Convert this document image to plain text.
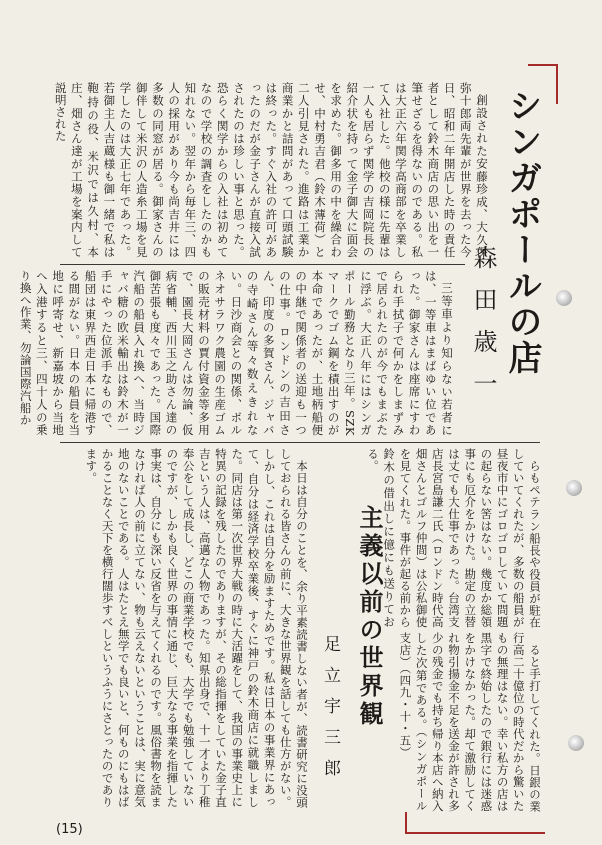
シンガポールの店
森田歳一

創設された安藤珍成、大久保弥十郎両先輩が世界を去った今日、昭和二年開店した時の責任者として鈴木商店の思い出を一筆せざるを得ないのである。私は大正六年関学高商部を卒業して入社した。他校の様に先輩は一人も居らず関学の吉岡院長の紹介状を持って金子御大に面会を求めた。御多用の中を繰合わせ、中村勇吉君（鈴木薄荷）と二人引見された。進路は工業か商業かと詰問があって口頭試験は終った。すぐ入社の許可があったのだが金子さんが直接入試されたのは珍しい事と思った。恐らく関学からの入社は初めてなので学校の調査をしたのかも知れない。翌年から毎年三、四人の採用があり今も尚吉井には多数の同窓が居る。御家さんの御伴して米沢の人造糸工場を見学したのは大正七年であった。若御主人吉蔵様も御一緒で私は鞄持の役、米沢では久村、本庄、畑さん達が工場を案内して説明された

三等車より知らない若者には、一等車はまばゆい位であった。御家さんは座席にすわられ手拭子で何かをしまずみで居られたのが今でもまぶたに浮ぶ。大正八年にはシンガポール勤務となり三年。SZKマークでゴム鋼を積出すのが本命であったが、土地柄船便の中継で関係者の送迎も一つの仕事。ロンドンの吉田さん、印度の多賀さん、ジャバの寺崎さん等々数えきれない。日沙商会との関係、ボルネオサラワク農園の生産ゴムの販売材料の賈付資金等多用で、園長大岡さんは勿論、仮病省輔、西川玉之助さん達の御苦張も度々であった。国際汽船の船員入れ換へ、当時ジャバ糖の欧米輸出は鈴木が一手にやった位派手なもので、船団は東界西走日本に帰港する間がない。日本の船員を当地に呼寄せ、新嘉坡から当地へ入港すると三、四十人の乗り換へ作業、勿論国際汽船か

らもペテラン船長や役員が駐在していてくれたが、多数の船員が昼夜市中にゴロゴロしていて問題の起らない筈はない。幾度か総領事にも厄介をかけた。勘定の立替は丈でも大仕事であった。台湾支店長宮島謙二氏（ロンドン時代高畑さんとゴルフ仲間）は公私御使を見てくれた。事件が起る前から鈴木の借出しに億にも送りておる。

主義以前の世界観
足立宇三郎	ると手打してくれた。日銀の業行高二十億位の時代だから驚いたもの無理はない。幸い私方の店は黒字で終始したので銀行には迷惑をかけなかった。却て激励してくれ物引揚金不足を送金が許され多少の残金でも持ち帰り本店へ納入した次第である。（シンガポール支店）（四九・十・五）

本日は自分のことを、余り平素読書しない者が、読書研究に没頭しておられる皆さんの前に、大きな世界観を話しても仕方がない。しかし、これは自分を励ますためです。私は日本の事業界にあって、自分は経済学校卒業後、すぐに神戸の鈴木商店に就職しました。同店は第一次世界大戦の時に大活躍をして、我国の事業史上に特異の記録を残したのでありますが、その総指揮をしていた金子直吉という人は、高邁な人物であった。知県出身で、十一才より丁稚奉公をして成長し、どこの商業学校でも、大学でも勉強していないのですが、しかも良く世界の事情に通じ、巨大なる事業を指揮した事実は、自分にも深い反省を与えてくれるのです。風俗書物を読まなければ人の前に立てない、物も云えないということは、実に意気地のないことである。人はたとえ無学でも良いと、何ものにもはばかることなく天下を横行闊歩すべしというふうにさとったのであります。

(15)
